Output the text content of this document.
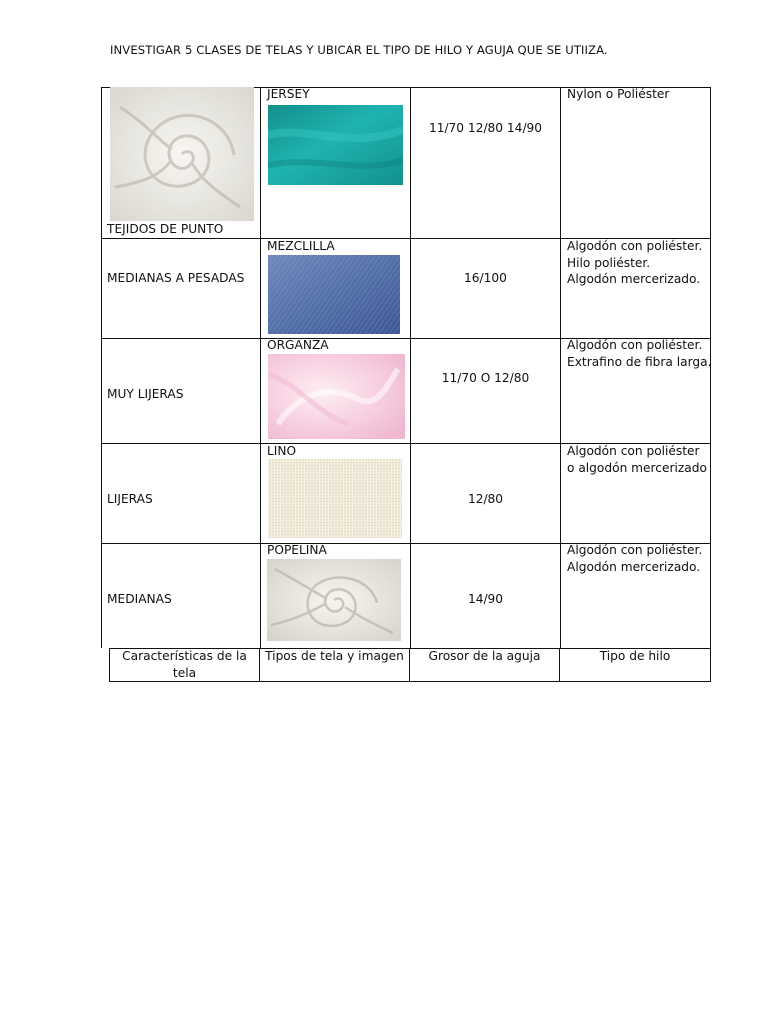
INVESTIGAR 5 CLASES DE TELAS Y UBICAR EL TIPO DE HILO Y AGUJA QUE SE UTIIZA.
TEJIDOS DE PUNTO
JERSEY
11/70 12/80 14/90
Nylon o Poliéster
MEDIANAS A PESADAS
MEZCLILLA
16/100
Algodón con poliéster.
Hilo poliéster.
Algodón mercerizado.
MUY LIJERAS
ORGANZA
11/70 O 12/80
Algodón con poliéster.
Extrafino de fibra larga.
LIJERAS
LINO
12/80
Algodón con poliéster
o algodón mercerizado
MEDIANAS
POPELINA
14/90
Algodón con poliéster.
Algodón mercerizado.
Características de la
tela
Tipos de tela y imagen	Grosor de la aguja	Tipo de hilo
